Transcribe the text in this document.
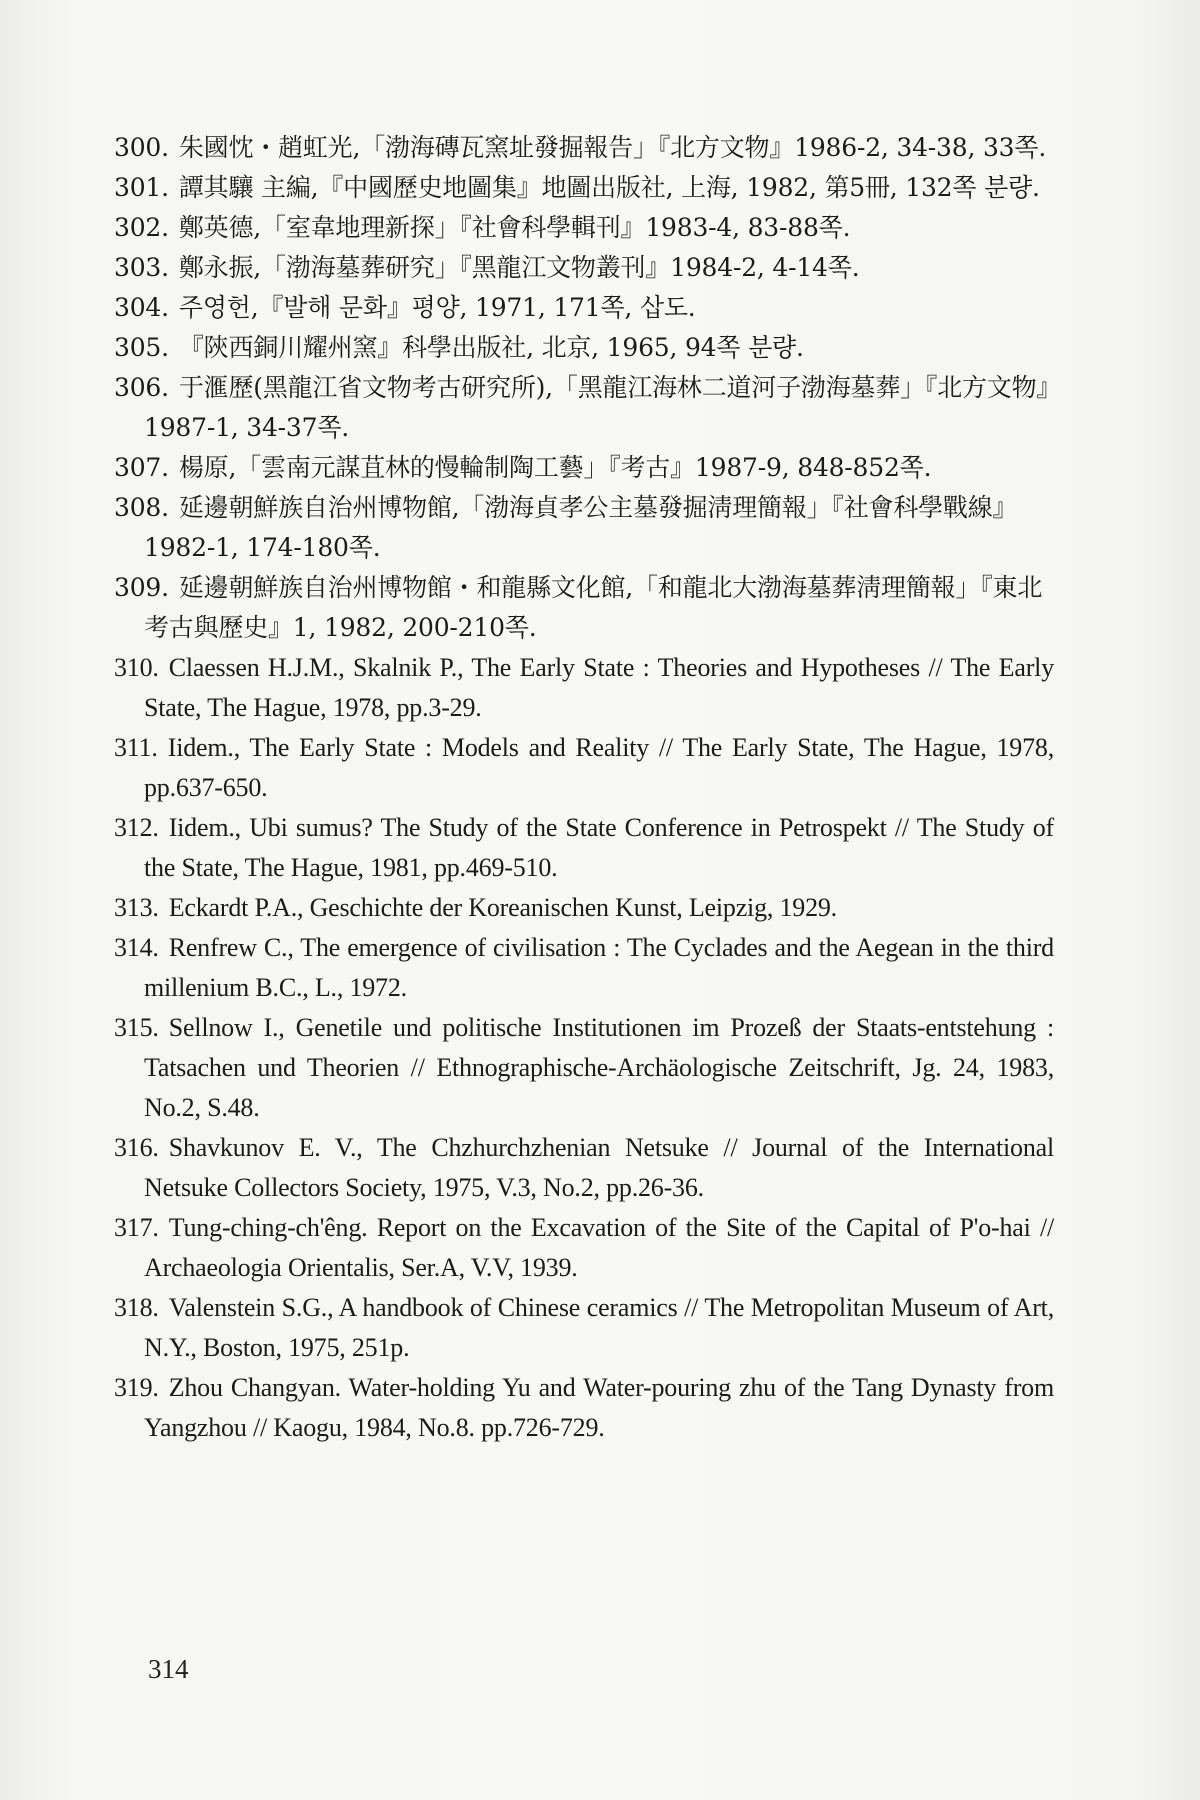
300. 朱國忱・趙虹光,「渤海磚瓦窯址發掘報告」『北方文物』1986-2, 34-38, 33쪽.
301. 譚其驤 主編,『中國歷史地圖集』地圖出版社, 上海, 1982, 第5冊, 132쪽 분량.
302. 鄭英德,「室韋地理新探」『社會科學輯刊』1983-4, 83-88쪽.
303. 鄭永振,「渤海墓葬研究」『黑龍江文物叢刊』1984-2, 4-14쪽.
304. 주영헌,『발해 문화』평양, 1971, 171쪽, 삽도.
305. 『陝西銅川耀州窯』科學出版社, 北京, 1965, 94쪽 분량.
306. 于滙歷(黑龍江省文物考古研究所),「黑龍江海林二道河子渤海墓葬」『北方文物』1987-1, 34-37쪽.
307. 楊原,「雲南元謀苴林的慢輪制陶工藝」『考古』1987-9, 848-852쪽.
308. 延邊朝鮮族自治州博物館,「渤海貞孝公主墓發掘淸理簡報」『社會科學戰線』1982-1, 174-180쪽.
309. 延邊朝鮮族自治州博物館・和龍縣文化館,「和龍北大渤海墓葬淸理簡報」『東北考古與歷史』1, 1982, 200-210쪽.
310. Claessen H.J.M., Skalnik P., The Early State : Theories and Hypotheses // The Early State, The Hague, 1978, pp.3-29.
311. Iidem., The Early State : Models and Reality // The Early State, The Hague, 1978, pp.637-650.
312. Iidem., Ubi sumus? The Study of the State Conference in Petrospekt // The Study of the State, The Hague, 1981, pp.469-510.
313. Eckardt P.A., Geschichte der Koreanischen Kunst, Leipzig, 1929.
314. Renfrew C., The emergence of civilisation : The Cyclades and the Aegean in the third millenium B.C., L., 1972.
315. Sellnow I., Genetile und politische Institutionen im Prozeß der Staats-entstehung : Tatsachen und Theorien // Ethnographische-Archäologische Zeitschrift, Jg. 24, 1983, No.2, S.48.
316. Shavkunov E. V., The Chzhurchzhenian Netsuke // Journal of the International Netsuke Collectors Society, 1975, V.3, No.2, pp.26-36.
317. Tung-ching-ch'êng. Report on the Excavation of the Site of the Capital of P'o-hai // Archaeologia Orientalis, Ser.A, V.V, 1939.
318. Valenstein S.G., A handbook of Chinese ceramics // The Metropolitan Museum of Art, N.Y., Boston, 1975, 251p.
319. Zhou Changyan. Water-holding Yu and Water-pouring zhu of the Tang Dynasty from Yangzhou // Kaogu, 1984, No.8. pp.726-729.
314
